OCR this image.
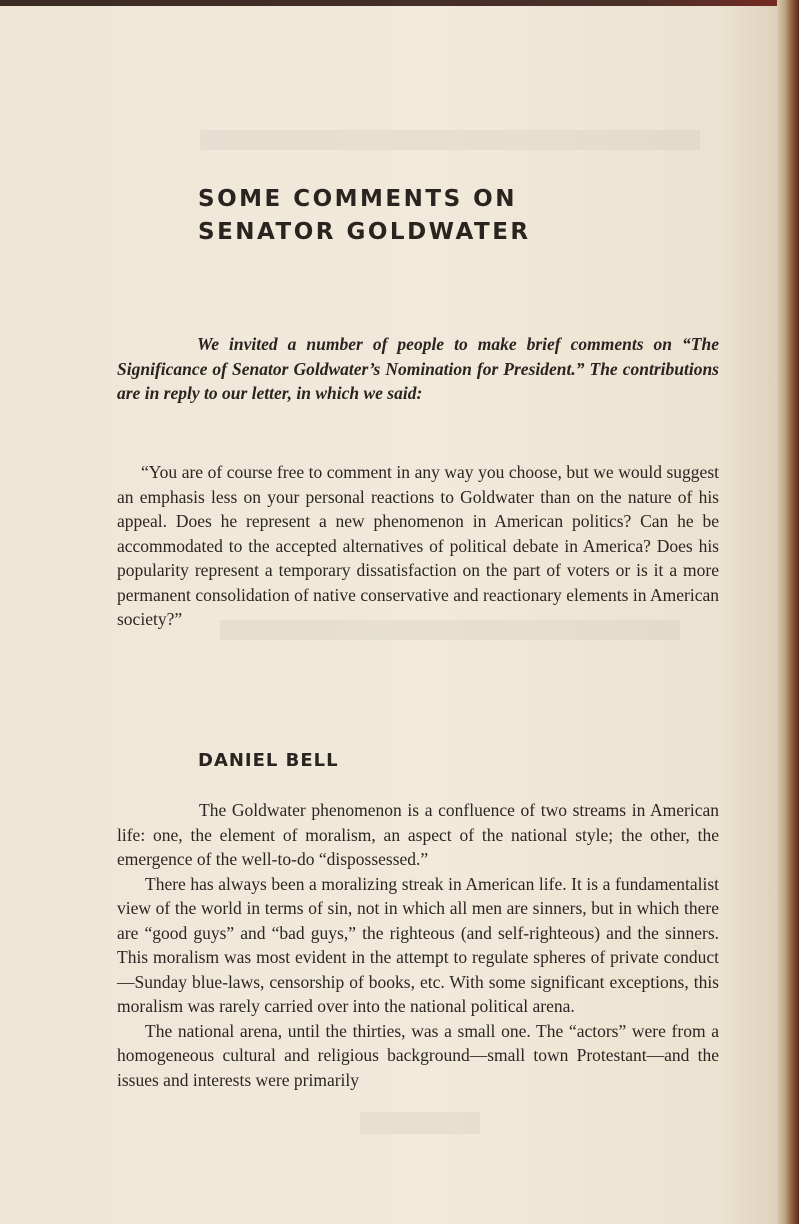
SOME COMMENTS ON
SENATOR GOLDWATER

We invited a number of people to make brief comments on “The Significance of Senator Goldwater’s Nomination for President.” The contributions are in reply to our letter, in which we said:

“You are of course free to comment in any way you choose, but we would suggest an emphasis less on your personal reactions to Goldwater than on the nature of his appeal. Does he represent a new phenomenon in American politics? Can he be accommodated to the accepted alternatives of political debate in America? Does his popularity represent a temporary dissatisfaction on the part of voters or is it a more permanent consolidation of native conservative and reactionary elements in American society?”

DANIEL BELL

The Goldwater phenomenon is a confluence of two streams in American life: one, the element of moralism, an aspect of the national style; the other, the emergence of the well-to-do “dispossessed.”

There has always been a moralizing streak in American life. It is a fundamentalist view of the world in terms of sin, not in which all men are sinners, but in which there are “good guys” and “bad guys,” the righteous (and self-righteous) and the sinners. This moralism was most evident in the attempt to regulate spheres of private conduct—Sunday blue-laws, censorship of books, etc. With some significant exceptions, this moralism was rarely carried over into the national political arena.

The national arena, until the thirties, was a small one. The “actors” were from a homogeneous cultural and religious background—small town Protestant—and the issues and interests were primarily
